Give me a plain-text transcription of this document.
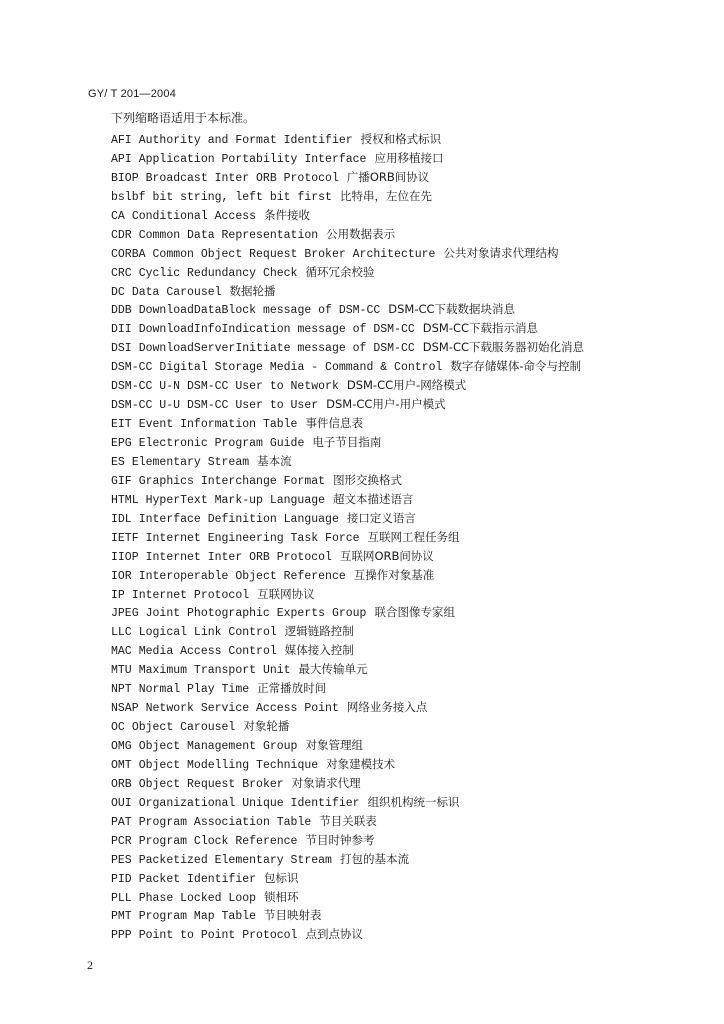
GY/ T 201—2004
下列缩略语适用于本标准。
AFI Authority and Format Identifier 授权和格式标识
API Application Portability Interface 应用移植接口
BIOP Broadcast Inter ORB Protocol 广播ORB间协议
bslbf bit string, left bit first 比特串，左位在先
CA Conditional Access 条件接收
CDR Common Data Representation 公用数据表示
CORBA Common Object Request Broker Architecture 公共对象请求代理结构
CRC Cyclic Redundancy Check 循环冗余校验
DC Data Carousel 数据轮播
DDB DownloadDataBlock message of DSM-CC DSM-CC下载数据块消息
DII DownloadInfoIndication message of DSM-CC DSM-CC下载指示消息
DSI DownloadServerInitiate message of DSM-CC DSM-CC下载服务器初始化消息
DSM-CC Digital Storage Media - Command & Control 数字存储媒体-命令与控制
DSM-CC U-N DSM-CC User to Network DSM-CC用户-网络模式
DSM-CC U-U DSM-CC User to User DSM-CC用户-用户模式
EIT Event Information Table 事件信息表
EPG Electronic Program Guide 电子节目指南
ES Elementary Stream 基本流
GIF Graphics Interchange Format 图形交换格式
HTML HyperText Mark-up Language 超文本描述语言
IDL Interface Definition Language 接口定义语言
IETF Internet Engineering Task Force 互联网工程任务组
IIOP Internet Inter ORB Protocol 互联网ORB间协议
IOR Interoperable Object Reference 互操作对象基准
IP Internet Protocol 互联网协议
JPEG Joint Photographic Experts Group 联合图像专家组
LLC Logical Link Control 逻辑链路控制
MAC Media Access Control 媒体接入控制
MTU Maximum Transport Unit 最大传输单元
NPT Normal Play Time 正常播放时间
NSAP Network Service Access Point 网络业务接入点
OC Object Carousel 对象轮播
OMG Object Management Group 对象管理组
OMT Object Modelling Technique 对象建模技术
ORB Object Request Broker 对象请求代理
OUI Organizational Unique Identifier 组织机构统一标识
PAT Program Association Table 节目关联表
PCR Program Clock Reference 节目时钟参考
PES Packetized Elementary Stream 打包的基本流
PID Packet Identifier 包标识
PLL Phase Locked Loop 锁相环
PMT Program Map Table 节目映射表
PPP Point to Point Protocol 点到点协议
2
